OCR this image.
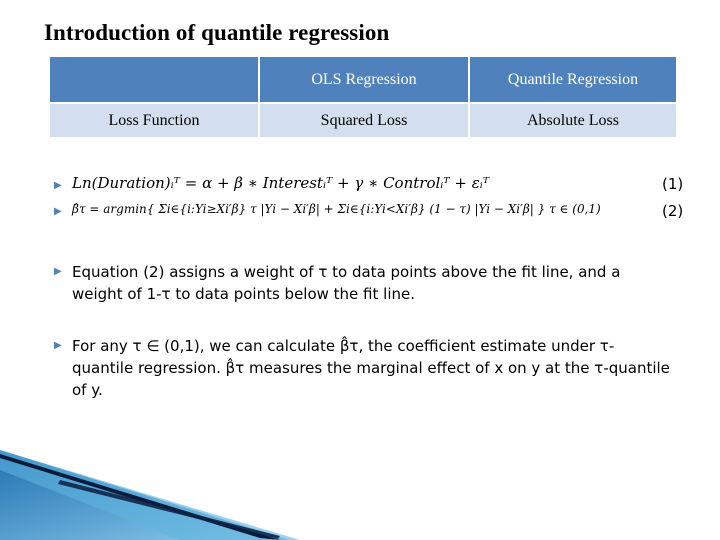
Introduction of quantile regression
	OLS Regression	Quantile Regression
Loss Function	Squared Loss	Absolute Loss
▶
▶
▶
▶
Ln(Duration)ᵢᵀ = α + β ∗ Interestᵢᵀ + γ ∗ Controlᵢᵀ + εᵢᵀ	(1)
β̂τ = argmin{ Σi∈{i:Yi≥Xi′β} τ |Yi − Xi′β| + Σi∈{i:Yi<Xi′β} (1 − τ) |Yi − Xi′β| } τ ∈ (0,1)	(2)
Equation (2) assigns a weight of τ to data points above the fit line, and a weight of 1-τ to data points below the fit line.
For any τ ∈ (0,1), we can calculate β̂τ, the coefficient estimate under τ-quantile regression. β̂τ measures the marginal effect of x on y at the τ-quantile of y.
